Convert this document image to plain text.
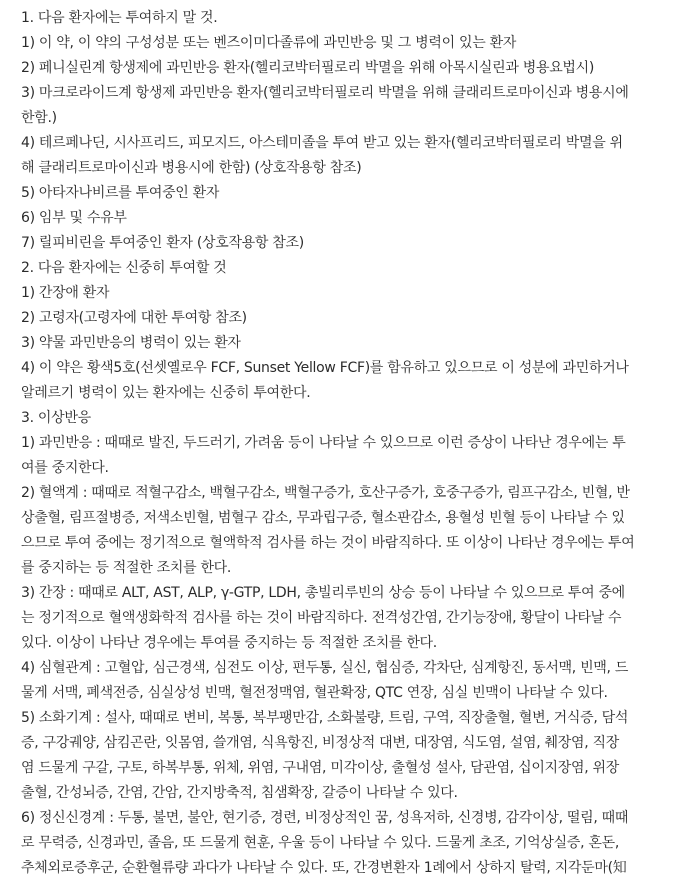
1. 다음 환자에는 투여하지 말 것.
1) 이 약, 이 약의 구성성분 또는 벤즈이미다졸류에 과민반응 및 그 병력이 있는 환자
2) 페니실린계 항생제에 과민반응 환자(헬리코박터필로리 박멸을 위해 아목시실린과 병용요법시)
3) 마크로라이드계 항생제 과민반응 환자(헬리코박터필로리 박멸을 위해 클래리트로마이신과 병용시에
한함.)
4) 테르페나딘, 시사프리드, 피모지드, 아스테미졸을 투여 받고 있는 환자(헬리코박터필로리 박멸을 위
해 클래리트로마이신과 병용시에 한함) (상호작용항 참조)
5) 아타자나비르를 투여중인 환자
6) 임부 및 수유부
7) 릴피비린을 투여중인 환자 (상호작용항 참조)
2. 다음 환자에는 신중히 투여할 것
1) 간장애 환자
2) 고령자(고령자에 대한 투여항 참조)
3) 약물 과민반응의 병력이 있는 환자
4) 이 약은 황색5호(선셋옐로우 FCF, Sunset Yellow FCF)를 함유하고 있으므로 이 성분에 과민하거나
알레르기 병력이 있는 환자에는 신중히 투여한다.
3. 이상반응
1) 과민반응 : 때때로 발진, 두드러기, 가려움 등이 나타날 수 있으므로 이런 증상이 나타난 경우에는 투
여를 중지한다.
2) 혈액계 : 때때로 적혈구감소, 백혈구감소, 백혈구증가, 호산구증가, 호중구증가, 림프구감소, 빈혈, 반
상출혈, 림프절병증, 저색소빈혈, 범혈구 감소, 무과립구증, 혈소판감소, 용혈성 빈혈 등이 나타날 수 있
으므로 투여 중에는 정기적으로 혈액학적 검사를 하는 것이 바람직하다. 또 이상이 나타난 경우에는 투여
를 중지하는 등 적절한 조치를 한다.
3) 간장 : 때때로 ALT, AST, ALP, γ-GTP, LDH, 총빌리루빈의 상승 등이 나타날 수 있으므로 투여 중에
는 정기적으로 혈액생화학적 검사를 하는 것이 바람직하다. 전격성간염, 간기능장애, 황달이 나타날 수
있다. 이상이 나타난 경우에는 투여를 중지하는 등 적절한 조치를 한다.
4) 심혈관계 : 고혈압, 심근경색, 심전도 이상, 편두통, 실신, 협심증, 각차단, 심계항진, 동서맥, 빈맥, 드
물게 서맥, 폐색전증, 심실상성 빈맥, 혈전정맥염, 혈관확장, QTC 연장, 심실 빈맥이 나타날 수 있다.
5) 소화기계 : 설사, 때때로 변비, 복통, 복부팽만감, 소화불량, 트림, 구역, 직장출혈, 혈변, 거식증, 담석
증, 구강궤양, 삼킴곤란, 잇몸염, 쓸개염, 식욕항진, 비정상적 대변, 대장염, 식도염, 설염, 췌장염, 직장
염 드물게 구갈, 구토, 하복부통, 위체, 위염, 구내염, 미각이상, 출혈성 설사, 담관염, 십이지장염, 위장
출혈, 간성뇌증, 간염, 간암, 간지방축적, 침샘확장, 갈증이 나타날 수 있다.
6) 정신신경계 : 두통, 불면, 불안, 현기증, 경련, 비정상적인 꿈, 성욕저하, 신경병, 감각이상, 떨림, 때때
로 무력증, 신경과민, 졸음, 또 드물게 현훈, 우울 등이 나타날 수 있다. 드물게 초조, 기억상실증, 혼돈,
추체외로증후군, 순환혈류량 과다가 나타날 수 있다. 또, 간경변환자 1례에서 상하지 탈력, 지각둔마(知
